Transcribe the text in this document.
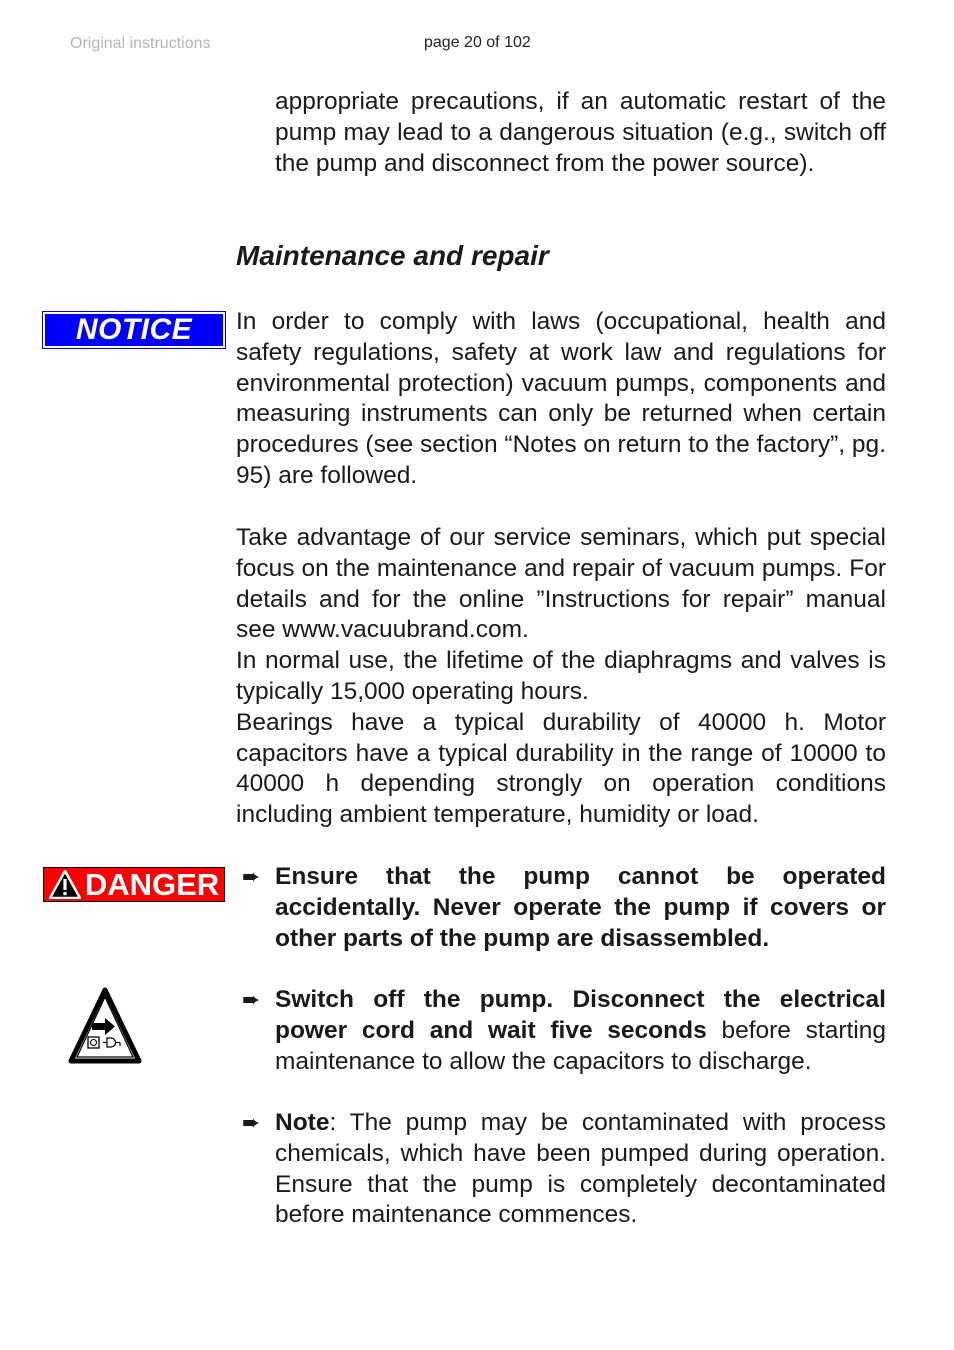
Original instructions	page 20 of 102

appropriate precautions, if an automatic restart of the pump may lead to a dangerous situation (e.g., switch off the pump and disconnect from the power source).

Maintenance and repair
NOTICE In order to comply with laws (occupational, health and safety regulations, safety at work law and regulations for environmental protection) vacuum pumps, components and measuring instruments can only be returned when certain procedures (see section “Notes on return to the factory”, pg. 95) are followed.

Take advantage of our service seminars, which put special focus on the maintenance and repair of vacuum pumps. For details and for the online ”Instructions for repair” manual see www.vacuubrand.com.
In normal use, the lifetime of the diaphragms and valves is typically 15,000 operating hours.
Bearings have a typical durability of 40000 h. Motor capacitors have a typical durability in the range of 10000 to 40000 h depending strongly on operation conditions including ambient temperature, humidity or load.
DANGER ➨ Ensure that the pump cannot be operated accidentally. Never operate the pump if covers or other parts of the pump are disassembled.
➨ Switch off the pump. Disconnect the electrical power cord and wait five seconds before starting maintenance to allow the capacitors to discharge.
➨ Note: The pump may be contaminated with process chemicals, which have been pumped during operation. Ensure that the pump is completely decontaminated before maintenance commences.
